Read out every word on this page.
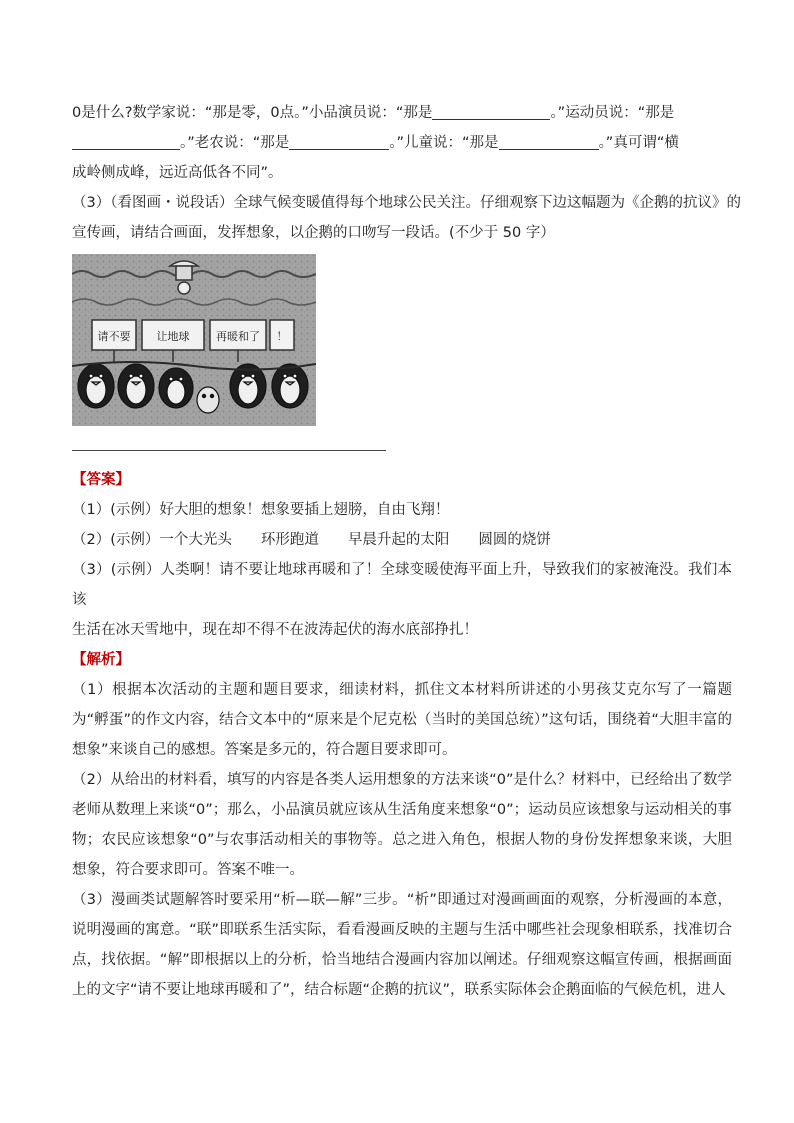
0是什么?数学家说：“那是零，0点。”小品演员说：“那是	。”运动员说：“那是
。”老农说：“那是	。”儿童说：“那是	。”真可谓“横
成岭侧成峰，远近高低各不同”。
（3）（看图画・说段话）全球气候变暖值得每个地球公民关注。仔细观察下边这幅题为《企鹅的抗议》的
宣传画，请结合画面，发挥想象，以企鹅的口吻写一段话。(不少于 50 字）
请不要 让地球 再暖和了 ！
【答案】
（1）(示例）好大胆的想象！想象要插上翅膀，自由飞翔！
（2）(示例）一个大光头　　环形跑道　　早晨升起的太阳　　圆圆的烧饼
（3）(示例）人类啊！请不要让地球再暖和了！全球变暖使海平面上升，导致我们的家被淹没。我们本该
生活在冰天雪地中，现在却不得不在波涛起伏的海水底部挣扎！
【解析】
（1）根据本次活动的主题和题目要求，细读材料，抓住文本材料所讲述的小男孩艾克尔写了一篇题为“孵蛋”的作文内容，结合文本中的“原来是个尼克松（当时的美国总统）”这句话，围绕着“大胆丰富的想象”来谈自己的感想。答案是多元的，符合题目要求即可。
（2）从给出的材料看，填写的内容是各类人运用想象的方法来谈“0”是什么？材料中，已经给出了数学老师从数理上来谈“0”；那么，小品演员就应该从生活角度来想象“0”；运动员应该想象与运动相关的事物；农民应该想象“0”与农事活动相关的事物等。总之进入角色，根据人物的身份发挥想象来谈，大胆想象，符合要求即可。答案不唯一。
（3）漫画类试题解答时要采用“析—联—解”三步。“析”即通过对漫画画面的观察，分析漫画的本意，说明漫画的寓意。“联”即联系生活实际，看看漫画反映的主题与生活中哪些社会现象相联系，找准切合点，找依据。“解”即根据以上的分析，恰当地结合漫画内容加以阐述。仔细观察这幅宣传画，根据画面上的文字“请不要让地球再暖和了”，结合标题“企鹅的抗议”，联系实际体会企鹅面临的气候危机，进人
